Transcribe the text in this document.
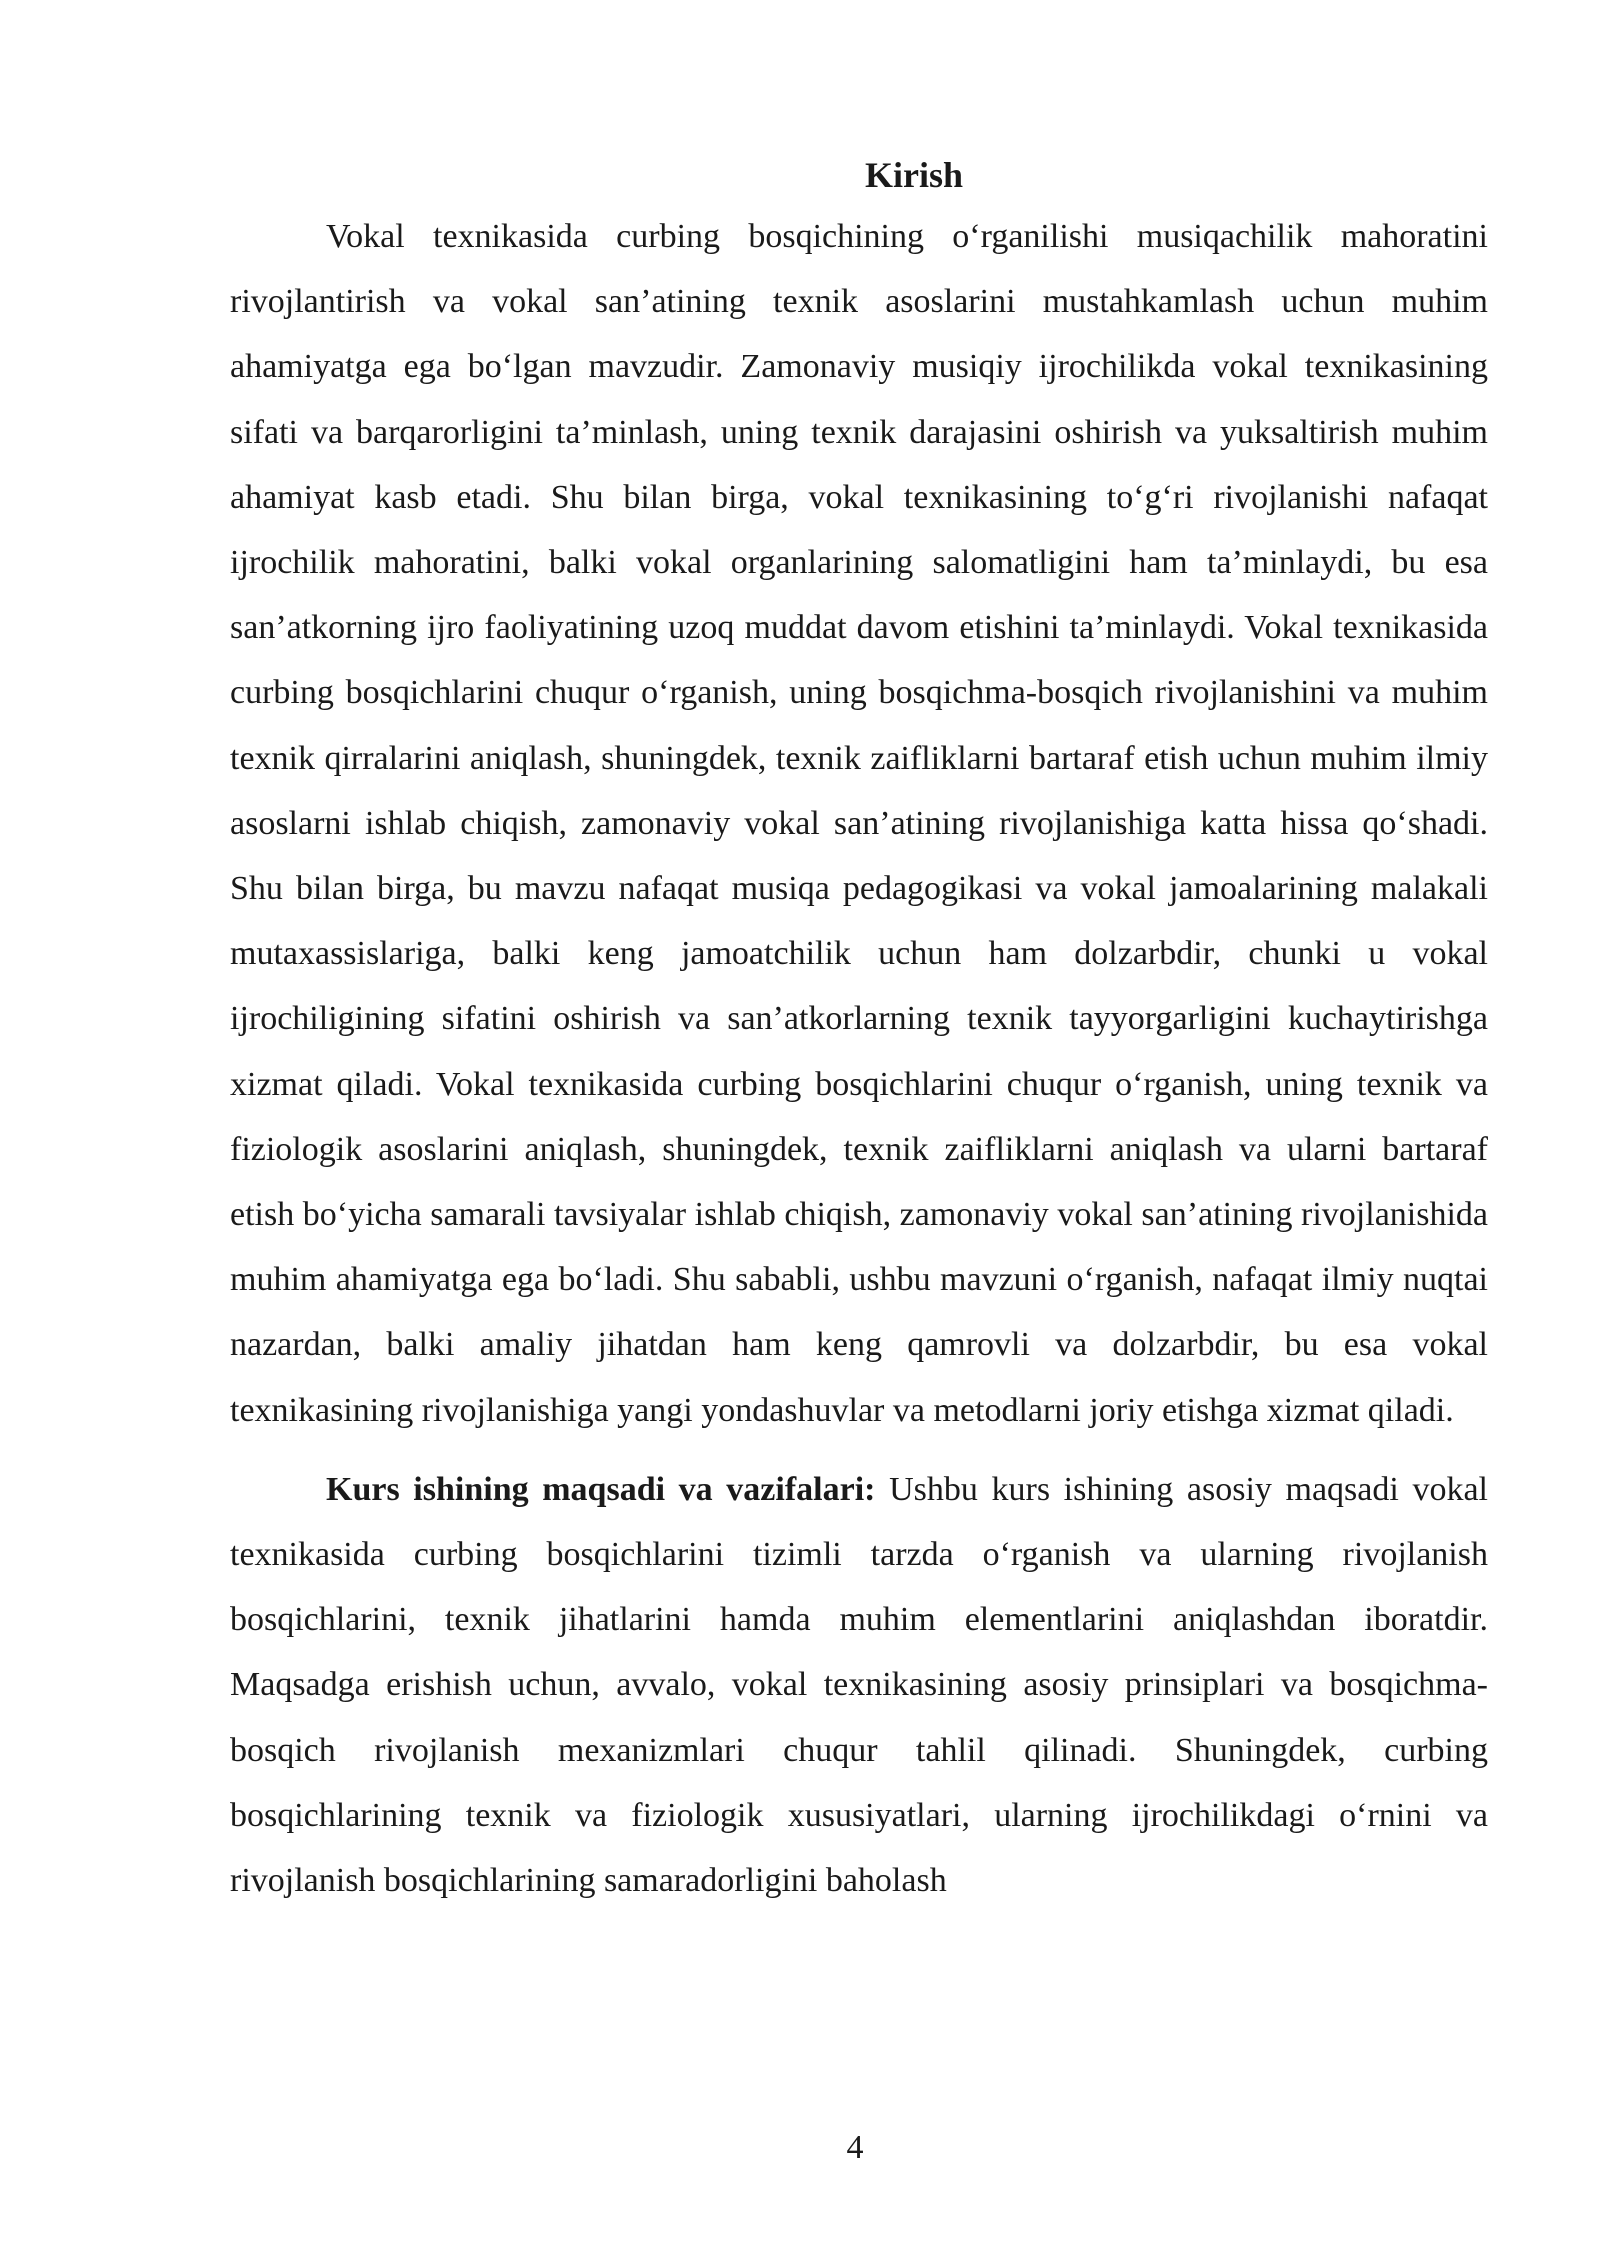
Kirish

Vokal texnikasida curbing bosqichining o‘rganilishi musiqachilik mahoratini rivojlantirish va vokal san’atining texnik asoslarini mustahkamlash uchun muhim ahamiyatga ega bo‘lgan mavzudir. Zamonaviy musiqiy ijrochilikda vokal texnikasining sifati va barqarorligini ta’minlash, uning texnik darajasini oshirish va yuksaltirish muhim ahamiyat kasb etadi. Shu bilan birga, vokal texnikasining to‘g‘ri rivojlanishi nafaqat ijrochilik mahoratini, balki vokal organlarining salomatligini ham ta’minlaydi, bu esa san’atkorning ijro faoliyatining uzoq muddat davom etishini ta’minlaydi. Vokal texnikasida curbing bosqichlarini chuqur o‘rganish, uning bosqichma-bosqich rivojlanishini va muhim texnik qirralarini aniqlash, shuningdek, texnik zaifliklarni bartaraf etish uchun muhim ilmiy asoslarni ishlab chiqish, zamonaviy vokal san’atining rivojlanishiga katta hissa qo‘shadi. Shu bilan birga, bu mavzu nafaqat musiqa pedagogikasi va vokal jamoalarining malakali mutaxassislariga, balki keng jamoatchilik uchun ham dolzarbdir, chunki u vokal ijrochiligining sifatini oshirish va san’atkorlarning texnik tayyorgarligini kuchaytirishga xizmat qiladi. Vokal texnikasida curbing bosqichlarini chuqur o‘rganish, uning texnik va fiziologik asoslarini aniqlash, shuningdek, texnik zaifliklarni aniqlash va ularni bartaraf etish bo‘yicha samarali tavsiyalar ishlab chiqish, zamonaviy vokal san’atining rivojlanishida muhim ahamiyatga ega bo‘ladi. Shu sababli, ushbu mavzuni o‘rganish, nafaqat ilmiy nuqtai nazardan, balki amaliy jihatdan ham keng qamrovli va dolzarbdir, bu esa vokal texnikasining rivojlanishiga yangi yondashuvlar va metodlarni joriy etishga xizmat qiladi.

Kurs ishining maqsadi va vazifalari: Ushbu kurs ishining asosiy maqsadi vokal texnikasida curbing bosqichlarini tizimli tarzda o‘rganish va ularning rivojlanish bosqichlarini, texnik jihatlarini hamda muhim elementlarini aniqlashdan iboratdir. Maqsadga erishish uchun, avvalo, vokal texnikasining asosiy prinsiplari va bosqichma-bosqich rivojlanish mexanizmlari chuqur tahlil qilinadi. Shuningdek, curbing bosqichlarining texnik va fiziologik xususiyatlari, ularning ijrochilikdagi o‘rnini va rivojlanish bosqichlarining samaradorligini baholash

4
